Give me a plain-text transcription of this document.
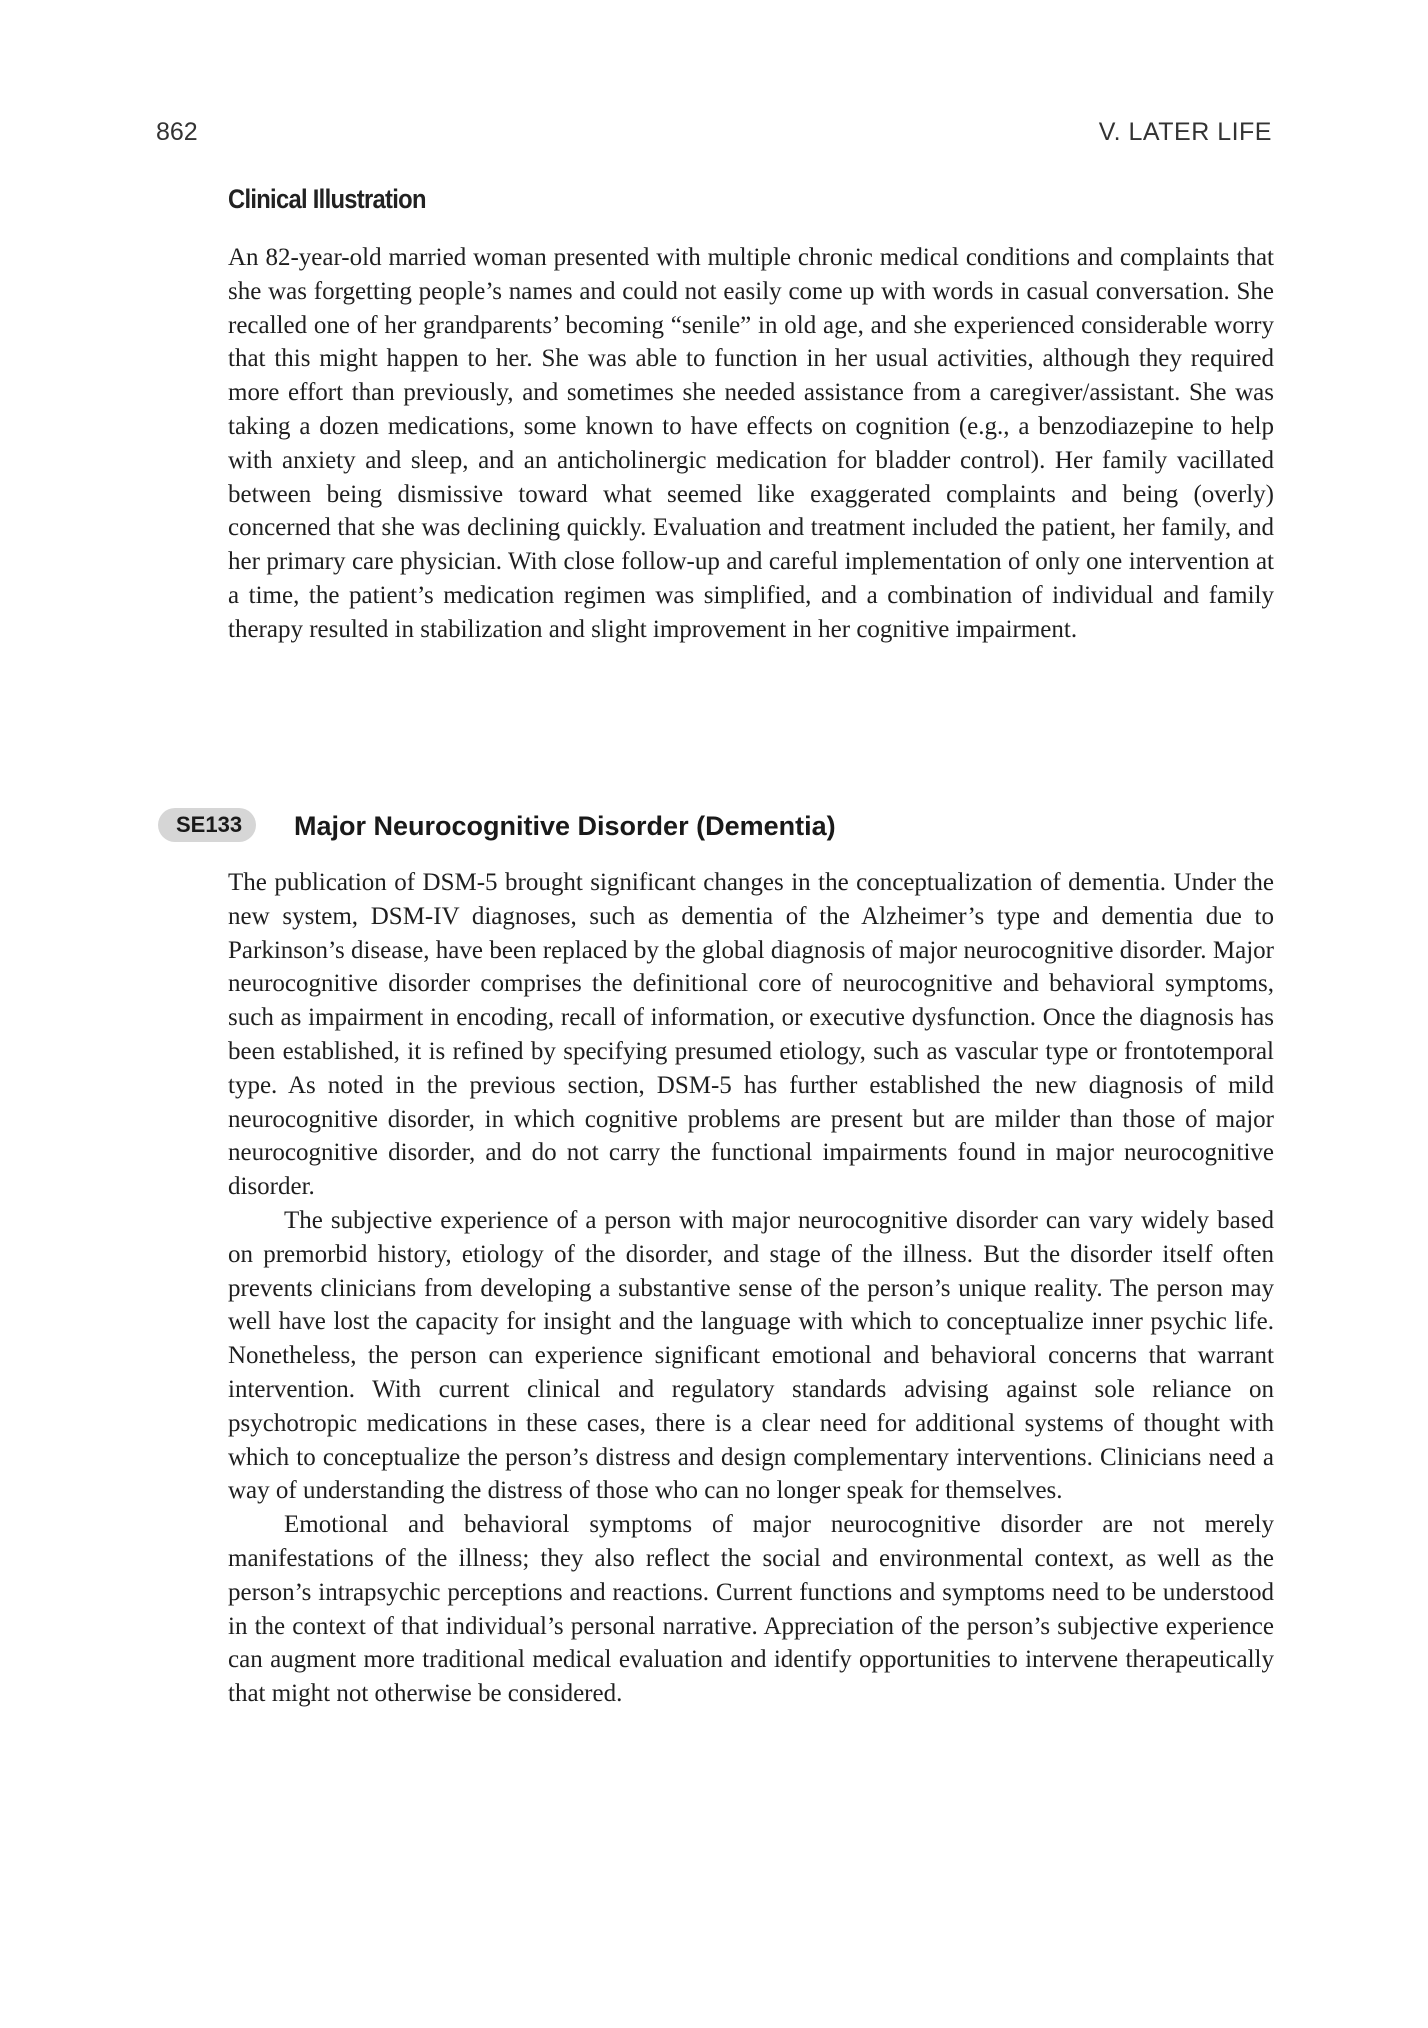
862	V. LATER LIFE
Clinical Illustration

An 82-year-old married woman presented with multiple chronic medical conditions and complaints that she was forgetting people’s names and could not easily come up with words in casual conversation. She recalled one of her grandparents’ becoming “senile” in old age, and she experienced considerable worry that this might happen to her. She was able to function in her usual activities, although they required more effort than previously, and sometimes she needed assistance from a caregiver/assistant. She was taking a dozen medications, some known to have effects on cognition (e.g., a benzodiazepine to help with anxiety and sleep, and an anticholinergic medication for bladder control). Her family vacillated between being dismissive toward what seemed like exaggerated complaints and being (overly) concerned that she was declining quickly. Evaluation and treatment included the patient, her family, and her primary care physician. With close follow-up and careful implementation of only one intervention at a time, the patient’s medication regimen was simplified, and a combination of individual and family therapy resulted in stabilization and slight improvement in her cognitive impairment.

SE133	Major Neurocognitive Disorder (Dementia)

The publication of DSM-5 brought significant changes in the conceptualization of dementia. Under the new system, DSM-IV diagnoses, such as dementia of the Alzheimer’s type and dementia due to Parkinson’s disease, have been replaced by the global diagnosis of major neurocognitive disorder. Major neurocognitive disorder comprises the definitional core of neurocognitive and behavioral symptoms, such as impairment in encoding, recall of information, or executive dysfunction. Once the diagnosis has been established, it is refined by specifying presumed etiology, such as vascular type or frontotemporal type. As noted in the previous section, DSM-5 has further established the new diagnosis of mild neurocognitive disorder, in which cognitive problems are present but are milder than those of major neurocognitive disorder, and do not carry the functional impairments found in major neurocognitive disorder.

The subjective experience of a person with major neurocognitive disorder can vary widely based on premorbid history, etiology of the disorder, and stage of the illness. But the disorder itself often prevents clinicians from developing a substantive sense of the person’s unique reality. The person may well have lost the capacity for insight and the language with which to conceptualize inner psychic life. Nonetheless, the person can experience significant emotional and behavioral concerns that warrant intervention. With current clinical and regulatory standards advising against sole reliance on psychotropic medications in these cases, there is a clear need for additional systems of thought with which to conceptualize the person’s distress and design complementary interventions. Clinicians need a way of understanding the distress of those who can no longer speak for themselves.

Emotional and behavioral symptoms of major neurocognitive disorder are not merely manifestations of the illness; they also reflect the social and environmental context, as well as the person’s intrapsychic perceptions and reactions. Current functions and symptoms need to be understood in the context of that individual’s personal narrative. Appreciation of the person’s subjective experience can augment more traditional medical evaluation and identify opportunities to intervene therapeutically that might not otherwise be considered.
